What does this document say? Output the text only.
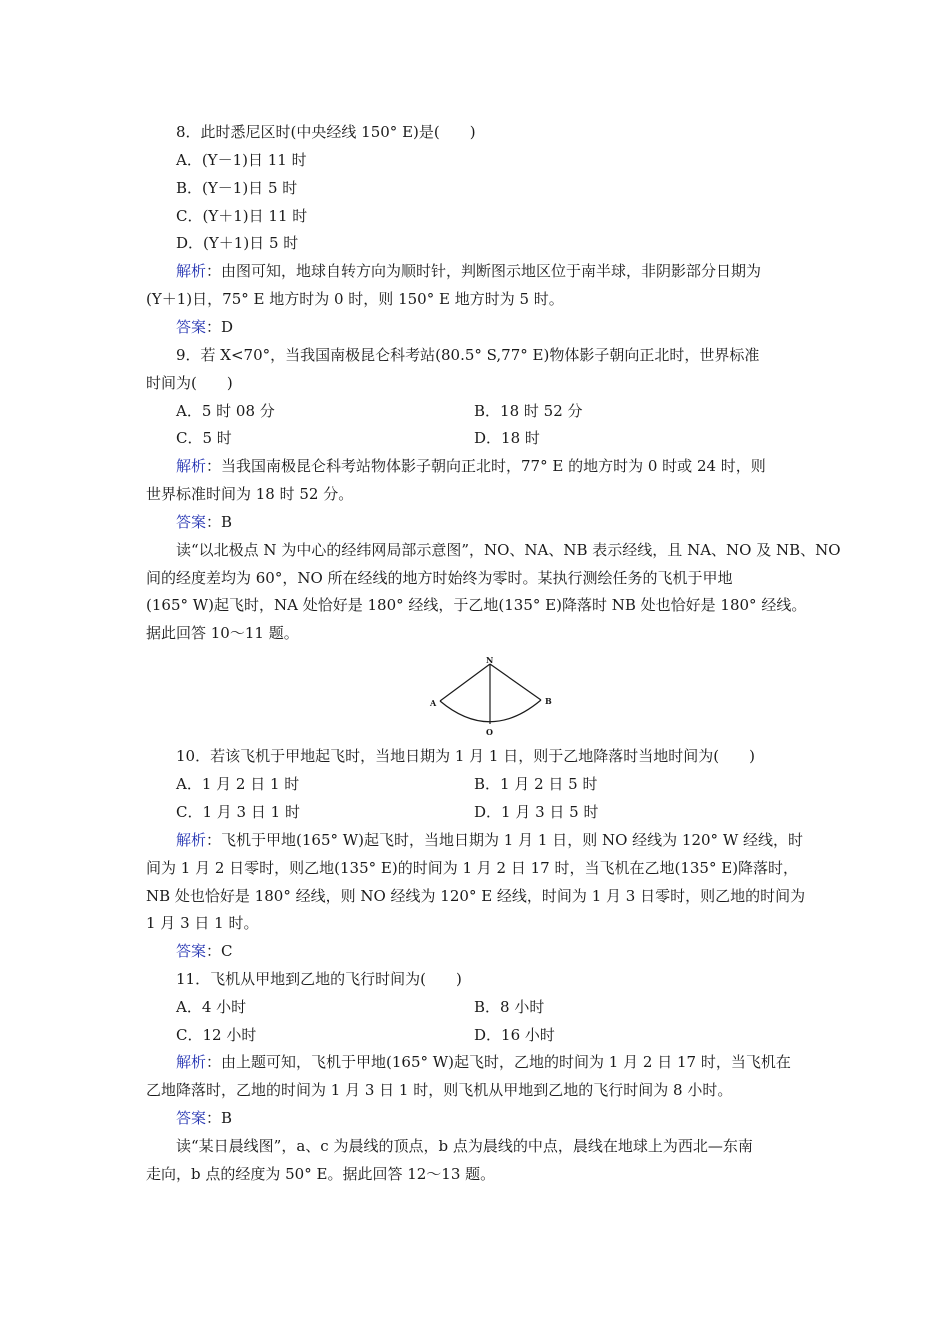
8．此时悉尼区时(中央经线 150° E)是(　　)
A．(Y－1)日 11 时
B．(Y－1)日 5 时
C．(Y＋1)日 11 时
D．(Y＋1)日 5 时
解析：由图可知，地球自转方向为顺时针，判断图示地区位于南半球，非阴影部分日期为
(Y＋1)日，75° E 地方时为 0 时，则 150° E 地方时为 5 时。
答案：D
9．若 X<70°，当我国南极昆仑科考站(80.5° S,77° E)物体影子朝向正北时，世界标准
时间为(　　)
A．5 时 08 分	B．18 时 52 分
C．5 时	D．18 时
解析：当我国南极昆仑科考站物体影子朝向正北时，77° E 的地方时为 0 时或 24 时，则
世界标准时间为 18 时 52 分。
答案：B
读“以北极点 N 为中心的经纬网局部示意图”，NO、NA、NB 表示经线，且 NA、NO 及 NB、NO
间的经度差均为 60°，NO 所在经线的地方时始终为零时。某执行测绘任务的飞机于甲地
(165° W)起飞时，NA 处恰好是 180° 经线，于乙地(135° E)降落时 NB 处也恰好是 180° 经线。
据此回答 10～11 题。
N
A	B
O
10．若该飞机于甲地起飞时，当地日期为 1 月 1 日，则于乙地降落时当地时间为(　　)
A．1 月 2 日 1 时	B．1 月 2 日 5 时
C．1 月 3 日 1 时	D．1 月 3 日 5 时
解析：飞机于甲地(165° W)起飞时，当地日期为 1 月 1 日，则 NO 经线为 120° W 经线，时
间为 1 月 2 日零时，则乙地(135° E)的时间为 1 月 2 日 17 时，当飞机在乙地(135° E)降落时，
NB 处也恰好是 180° 经线，则 NO 经线为 120° E 经线，时间为 1 月 3 日零时，则乙地的时间为
1 月 3 日 1 时。
答案：C
11．飞机从甲地到乙地的飞行时间为(　　)
A．4 小时	B．8 小时
C．12 小时	D．16 小时
解析：由上题可知，飞机于甲地(165° W)起飞时，乙地的时间为 1 月 2 日 17 时，当飞机在
乙地降落时，乙地的时间为 1 月 3 日 1 时，则飞机从甲地到乙地的飞行时间为 8 小时。
答案：B
读“某日晨线图”，a、c 为晨线的顶点，b 点为晨线的中点，晨线在地球上为西北—东南
走向，b 点的经度为 50° E。据此回答 12～13 题。
